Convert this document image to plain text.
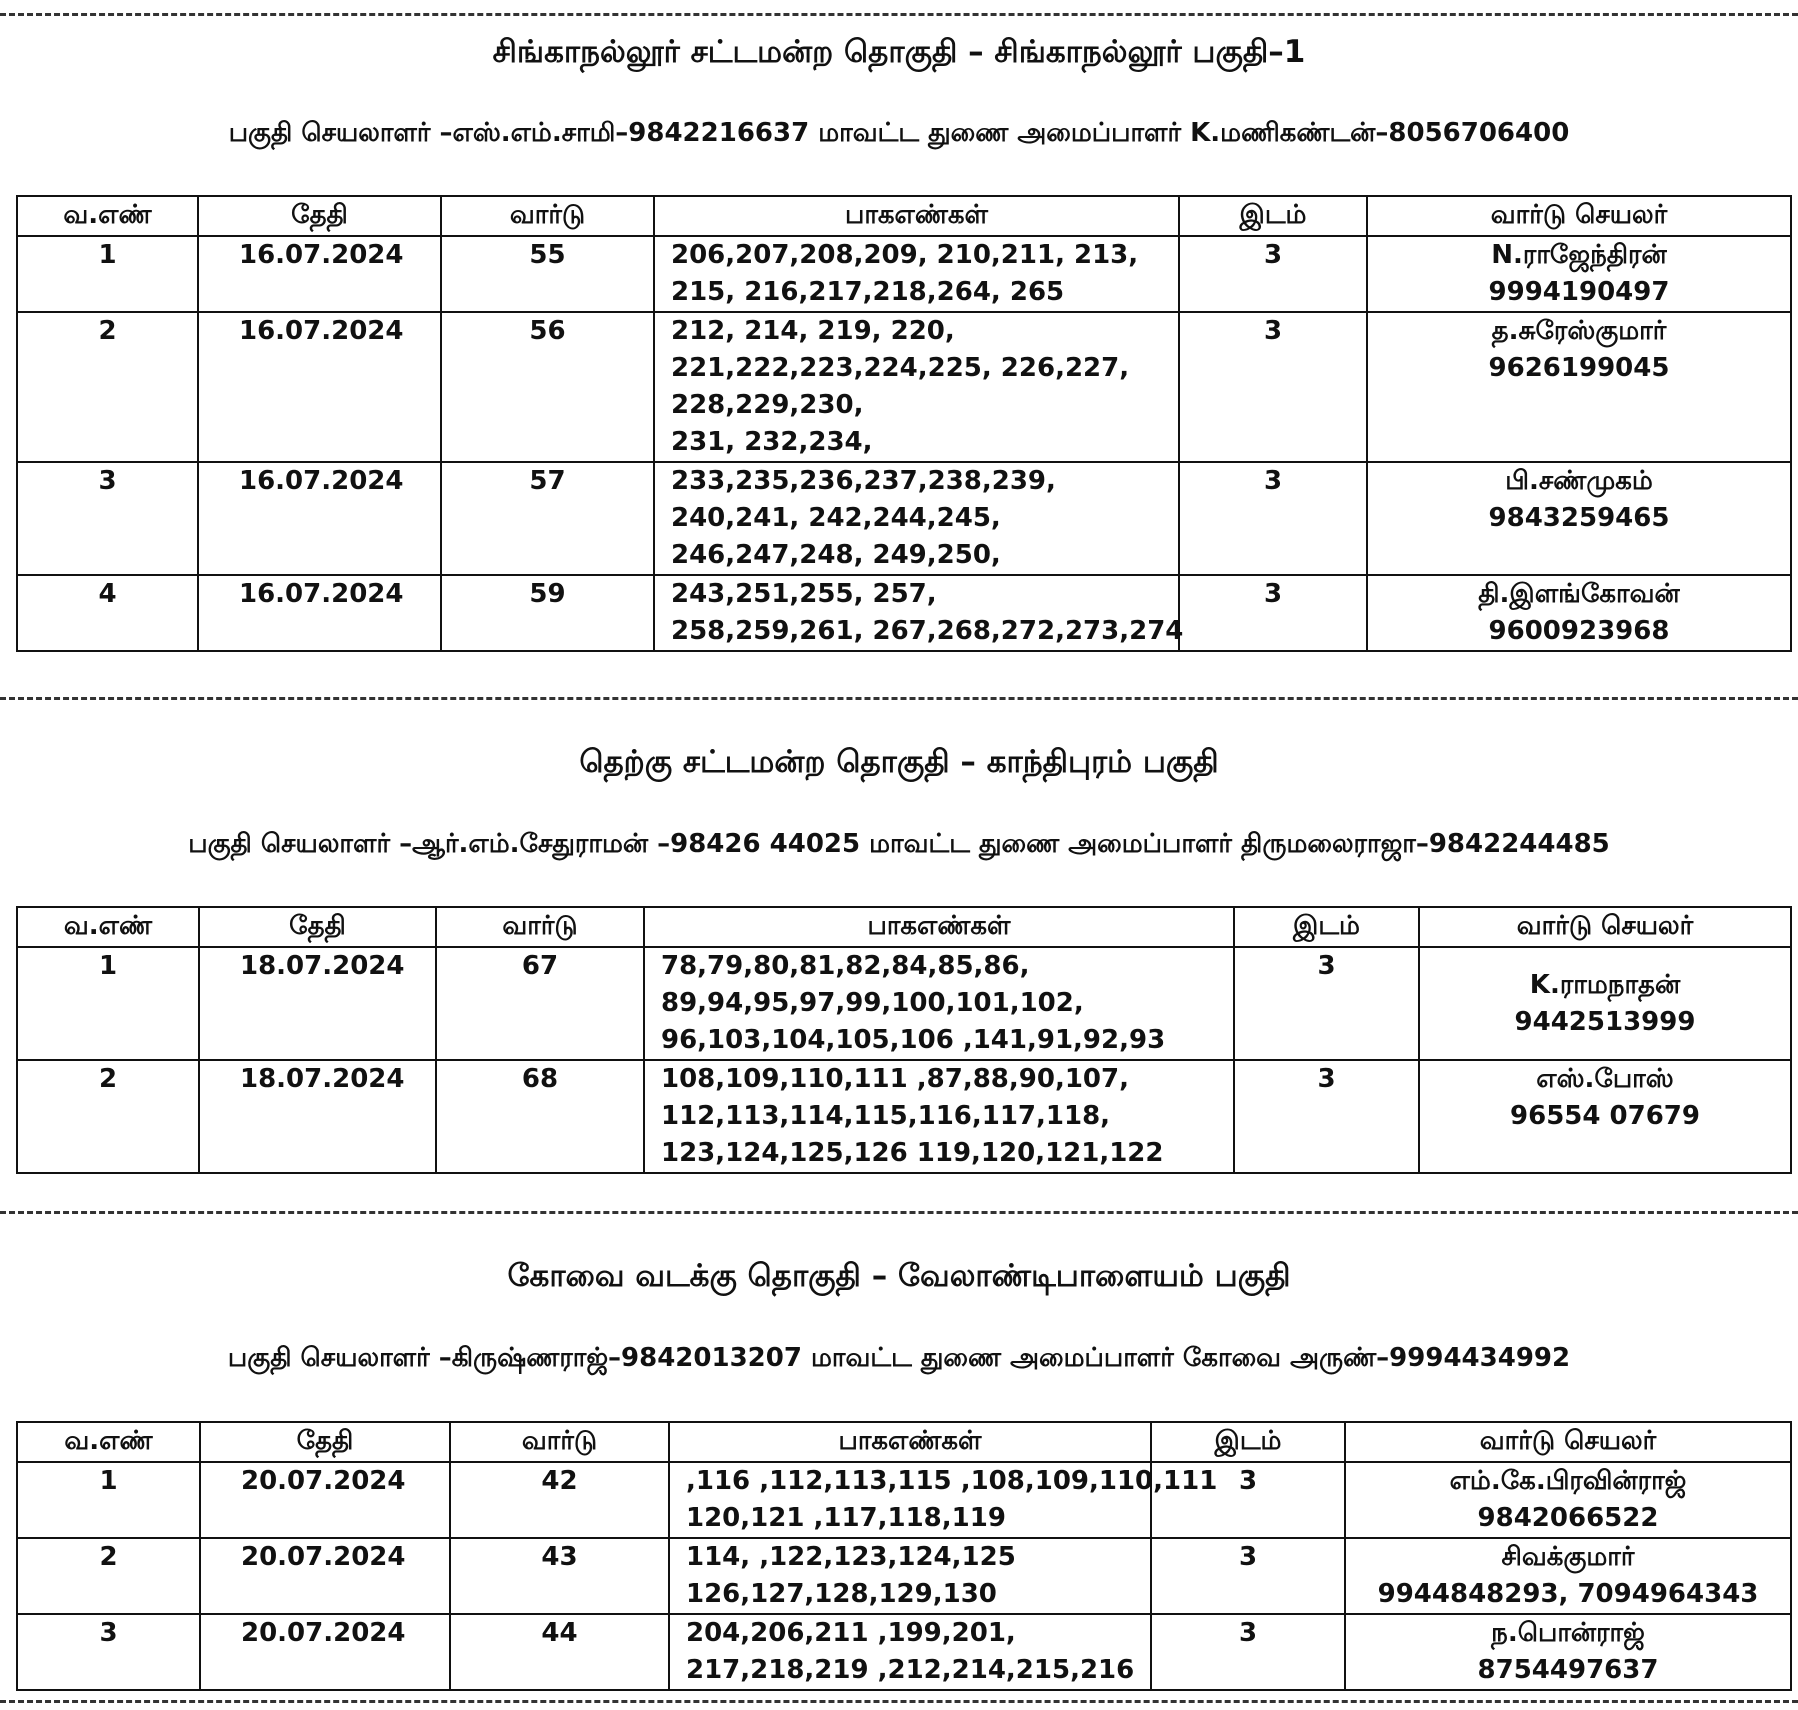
சிங்காநல்லூர் சட்டமன்ற தொகுதி – சிங்காநல்லூர் பகுதி–1
பகுதி செயலாளர் –எஸ்.எம்.சாமி–9842216637 மாவட்ட துணை அமைப்பாளர் K.மணிகண்டன்–8056706400
வ.எண்	தேதி	வார்டு	பாகஎண்கள்	இடம்	வார்டு செயலர்
1	16.07.2024	55	206,207,208,209, 210,211, 213,
215, 216,217,218,264, 265	3	N.ராஜேந்திரன்
9994190497

2	16.07.2024	56	212, 214, 219, 220,
221,222,223,224,225, 226,227,
228,229,230,
231, 232,234,	3	த.சுரேஸ்குமார்
9626199045

3	16.07.2024	57	233,235,236,237,238,239,
240,241, 242,244,245,
246,247,248, 249,250,	3	பி.சண்முகம்
9843259465

4	16.07.2024	59	243,251,255, 257,
258,259,261, 267,268,272,273,274	3	தி.இளங்கோவன்
9600923968
தெற்கு சட்டமன்ற தொகுதி – காந்திபுரம் பகுதி
பகுதி செயலாளர் –ஆர்.எம்.சேதுராமன் –98426 44025 மாவட்ட துணை அமைப்பாளர் திருமலைராஜா–9842244485
வ.எண்	தேதி	வார்டு	பாகஎண்கள்	இடம்	வார்டு செயலர்
1	18.07.2024	67	78,79,80,81,82,84,85,86,
89,94,95,97,99,100,101,102,
96,103,104,105,106 ,141,91,92,93	3	K.ராமநாதன்
9442513999

2	18.07.2024	68	108,109,110,111 ,87,88,90,107,
112,113,114,115,116,117,118,
123,124,125,126 119,120,121,122	3	எஸ்.போஸ்
96554 07679
கோவை வடக்கு தொகுதி – வேலாண்டிபாளையம் பகுதி
பகுதி செயலாளர் –கிருஷ்ணராஜ்–9842013207 மாவட்ட துணை அமைப்பாளர் கோவை அருண்–9994434992
வ.எண்	தேதி	வார்டு	பாகஎண்கள்	இடம்	வார்டு செயலர்
1	20.07.2024	42	,116 ,112,113,115 ,108,109,110,111
120,121 ,117,118,119	3	எம்.கே.பிரவின்ராஜ்
9842066522

2	20.07.2024	43	114, ,122,123,124,125
126,127,128,129,130	3	சிவக்குமார்
9944848293, 7094964343

3	20.07.2024	44	204,206,211 ,199,201,
217,218,219 ,212,214,215,216	3	ந.பொன்ராஜ்
8754497637
